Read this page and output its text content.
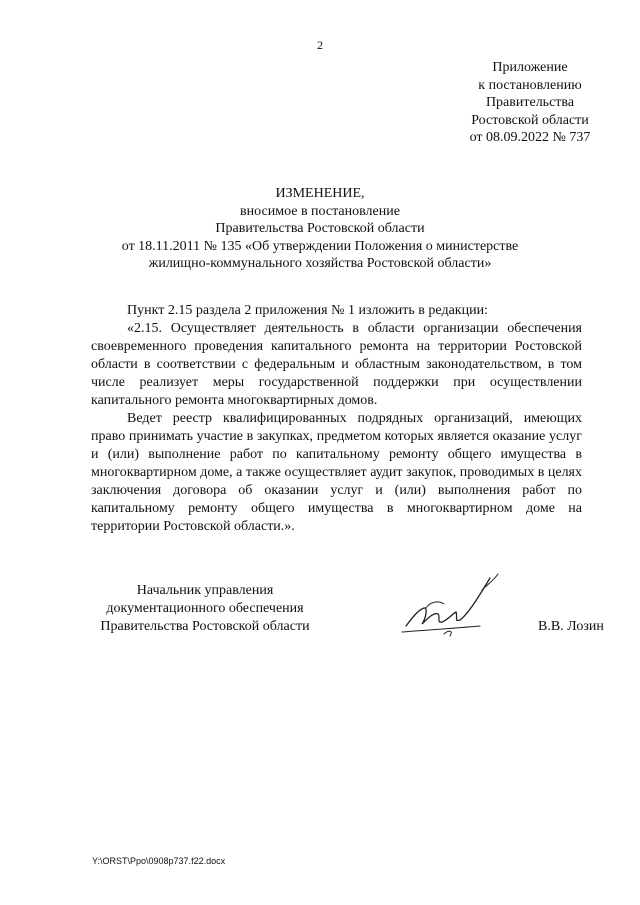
2
Приложение
к постановлению
Правительства
Ростовской области
от 08.09.2022 № 737
ИЗМЕНЕНИЕ,
вносимое в постановление
Правительства Ростовской области
от 18.11.2011 № 135 «Об утверждении Положения о министерстве
жилищно-коммунального хозяйства Ростовской области»

Пункт 2.15 раздела 2 приложения № 1 изложить в редакции:

«2.15. Осуществляет деятельность в области организации обеспечения своевременного проведения капитального ремонта на территории Ростовской области в соответствии с федеральным и областным законодательством, в том числе реализует меры государственной поддержки при осуществлении капитального ремонта многоквартирных домов.

Ведет реестр квалифицированных подрядных организаций, имеющих право принимать участие в закупках, предметом которых является оказание услуг и (или) выполнение работ по капитальному ремонту общего имущества в многоквартирном доме, а также осуществляет аудит закупок, проводимых в целях заключения договора об оказании услуг и (или) выполнения работ по капитальному ремонту общего имущества в многоквартирном доме на территории Ростовской области.».

Начальник управления
документационного обеспечения
Правительства Ростовской области	В.В. Лозин
Y:\ORST\Ppo\0908p737.f22.docx
